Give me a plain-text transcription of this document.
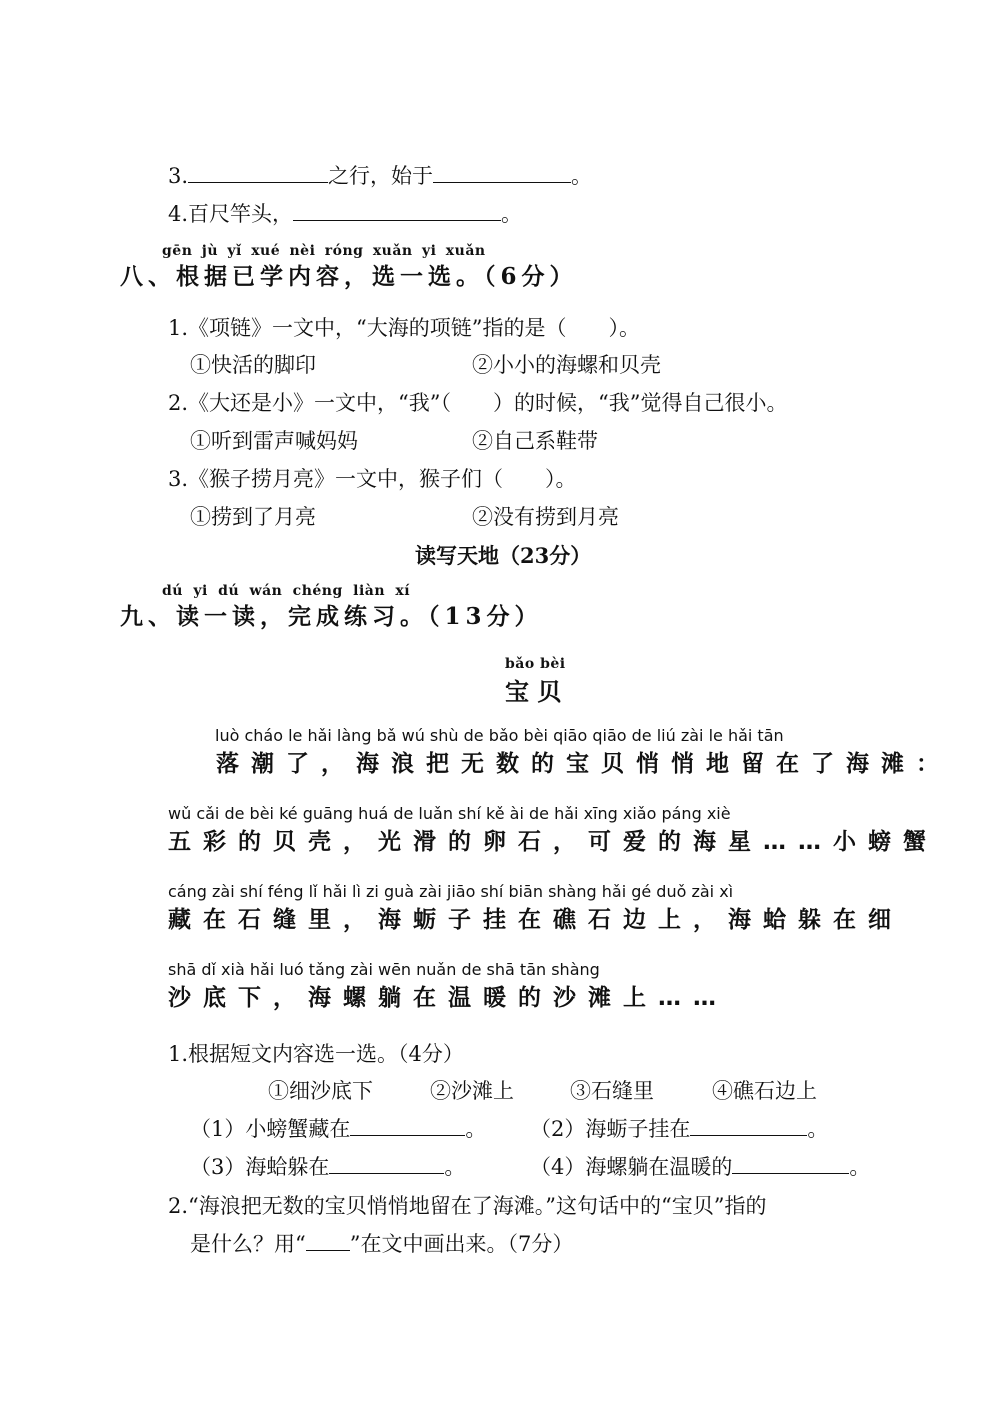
3.	之行，始于	。
4.百尺竿头，	。
gēn jù yǐ xué nèi róng xuǎn yi xuǎn
八、根据已学内容，选一选。（6分）
1.《项链》一文中，“大海的项链”指的是（　　）。
①快活的脚印	②小小的海螺和贝壳
2.《大还是小》一文中，“我”（　　）的时候，“我”觉得自己很小。
①听到雷声喊妈妈	②自己系鞋带
3.《猴子捞月亮》一文中，猴子们（　　）。
①捞到了月亮	②没有捞到月亮
读写天地（23分）
dú yi dú wán chéng liàn xí
九、读一读，完成练习。（13分）
bǎo bèi
宝 贝
luò cháo le hǎi làng bǎ wú shù de bǎo bèi qiāo qiāo de liú zài le hǎi tān
落潮了，海浪把无数的宝贝悄悄地留在了海滩：
wǔ cǎi de bèi ké guāng huá de luǎn shí kě ài de hǎi xīng xiǎo páng xiè
五彩的贝壳，光滑的卵石，可爱的海星……小螃蟹
cáng zài shí féng lǐ hǎi lì zi guà zài jiāo shí biān shàng hǎi gé duǒ zài xì
藏在石缝里，海蛎子挂在礁石边上，海蛤躲在细
shā dǐ xià hǎi luó tǎng zài wēn nuǎn de shā tān shàng
沙底下，海螺躺在温暖的沙滩上……
1.根据短文内容选一选。（4分）
①细沙底下	②沙滩上	③石缝里	④礁石边上
（1）小螃蟹藏在	。 （2）海蛎子挂在	。
（3）海蛤躲在	。	（4）海螺躺在温暖的	。
2.“海浪把无数的宝贝悄悄地留在了海滩。”这句话中的“宝贝”指的
是什么？用“ ”在文中画出来。（7分）
